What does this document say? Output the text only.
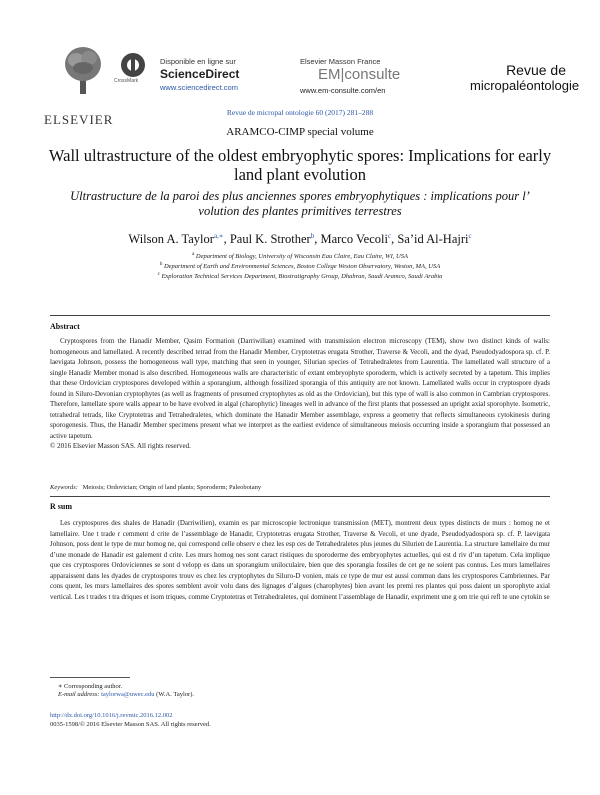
ELSEVIER
CrossMark
Disponible en ligne sur
ScienceDirect
www.sciencedirect.com
Elsevier Masson France
EM|consulte
www.em-consulte.com/en
Revue de
micropaléontologie
Revue de micropal ontologie 60 (2017) 281–288
ARAMCO-CIMP special volume
Wall ultrastructure of the oldest embryophytic spores: Implications for early land plant evolution
Ultrastructure de la paroi des plus anciennes spores embryophytiques : implications pour l’ volution des plantes primitives terrestres
Wilson A. Taylor$^{a,∗}$, Paul K. Strother$^b$, Marco Vecoli$^c$, Sa’id Al-Hajri$^c$
$^a$ Department of Biology, University of Wisconsin Eau Claire, Eau Claire, WI, USA
$^b$ Department of Earth and Environmental Sciences, Boston College Weston Observatory, Weston, MA, USA
$^c$ Exploration Technical Services Department, Biostratigraphy Group, Dhahran, Saudi Aramco, Saudi Arabia
Abstract

Cryptospores from the Hanadir Member, Qasim Formation (Darriwilian) examined with transmission electron microscopy (TEM), show two distinct kinds of walls: homogeneous and lamellated. A recently described tetrad from the Hanadir Member, Cryptotetras erugata Strother, Traverse & Vecoli, and the dyad, Pseudodyadospora sp. cf. P. laevigata Johnson, possess the homogeneous wall type, matching that seen in younger, Silurian species of Tetrahedraletes from Laurentia. The lamellated wall structure of a single Hanadir Member monad is also described. Homogeneous walls are characteristic of extant embryophyte sporoderm, which is actively secreted by a tapetum. This implies that these Ordovician cryptospores developed within a sporangium, although fossilized sporangia of this antiquity are not known. Lamellated walls occur in cryptospore dyads found in Siluro-Devonian cryptophytes (as well as fragments of presumed cryptophytes as old as the Ordovician), but this type of wall is also common in Cambrian cryptospores. Therefore, lamellate spore walls appear to be have evolved in algal (charophytic) lineages well in advance of the first plants that possessed an upright axial sporophyte. Isometric, tetrahedral tetrads, like Cryptotetras and Tetrahedraletes, which dominate the Hanadir Member assemblage, express a geometry that reflects simultaneous cytokinesis during sporogenesis. Thus, the Hanadir Member specimens present what we interpret as the earliest evidence of simultaneous meiosis occurring inside a sporangium that possessed an active tapetum.

© 2016 Elsevier Masson SAS. All rights reserved.
Keywords: Meiosis; Ordovician; Origin of land plants; Sporoderm; Paleobotany
R sum

Les cryptospores des shales de Hanadir (Darriwilien), examin es par microscopie lectronique transmission (MET), montrent deux types distincts de murs : homog ne et lamellaire. Une t trade r cemment d crite de l’assemblage de Hanadir, Cryptotetras erugata Strother, Traverse & Vecoli, et une dyade, Pseudodyadospora sp. cf. P. laevigata Johnson, poss dent le type de mur homog ne, qui correspond celle observ e chez les esp ces de Tetrahedraletes plus jeunes du Silurien de Laurentia. La structure lamellaire du mur d’une monade de Hanadir est galement d crite. Les murs homog nes sont caract ristiques du sporoderme des embryophytes actuelles, qui est d riv d’un tapetum. Cela implique que ces cryptospores Ordoviciennes se sont d velopp es dans un sporangium uniloculaire, bien que des sporangia fossiles de cet ge ne soient pas connus. Les murs lamellaires apparaissent dans les dyades de cryptospores trouv es chez les cryptophytes du Siluro-D vonien, mais ce type de mur est aussi commun dans les cryptospores Cambriennes. Par cons quent, les murs lamellaires des spores semblent avoir volu dans des lignages d’algues (charophytes) bien avant les premi res plantes qui poss daient un sporophyte axial vertical. Les t trades t tra driques et isom triques, comme Cryptotetras et Tetrahedraletes, qui dominent l’assemblage de Hanadir, expriment une g om trie qui refl te une cytokin se

∗ Corresponding author.
E-mail address: taylorwa@uwec.edu (W.A. Taylor).
http://dx.doi.org/10.1016/j.revmic.2016.12.002
0035-1598/© 2016 Elsevier Masson SAS. All rights reserved.
